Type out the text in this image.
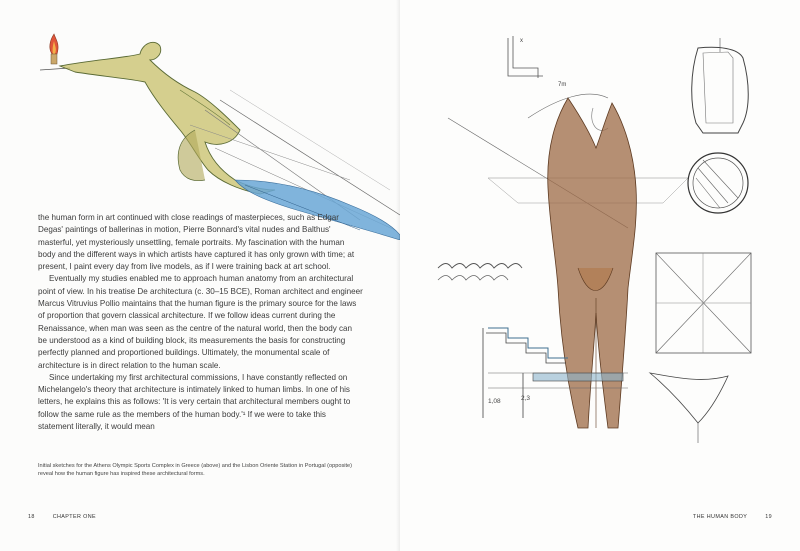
the human form in art continued with close readings of masterpieces, such as Edgar Degas' paintings of ballerinas in motion, Pierre Bonnard's vital nudes and Balthus' masterful, yet mysteriously unsettling, female portraits. My fascination with the human body and the different ways in which artists have captured it has only grown with time; at present, I paint every day from live models, as if I were training back at art school.

Eventually my studies enabled me to approach human anatomy from an architectural point of view. In his treatise De architectura (c. 30–15 BCE), Roman architect and engineer Marcus Vitruvius Pollio maintains that the human figure is the primary source for the laws of proportion that govern classical architecture. If we follow ideas current during the Renaissance, when man was seen as the centre of the natural world, then the body can be understood as a kind of building block, its measurements the basis for constructing perfectly planned and proportioned buildings. Ultimately, the monumental scale of architecture is in direct relation to the human scale.

Since undertaking my first architectural commissions, I have constantly reflected on Michelangelo's theory that architecture is intimately linked to human limbs. In one of his letters, he explains this as follows: 'It is very certain that architectural members ought to follow the same rule as the members of the human body.'¹ If we were to take this statement literally, it would mean

Initial sketches for the Athens Olympic Sports Complex in Greece (above) and the Lisbon Oriente Station in Portugal (opposite) reveal how the human figure has inspired these architectural forms.
18	CHAPTER ONE
x
7m
1,08	2,3
THE HUMAN BODY	19
